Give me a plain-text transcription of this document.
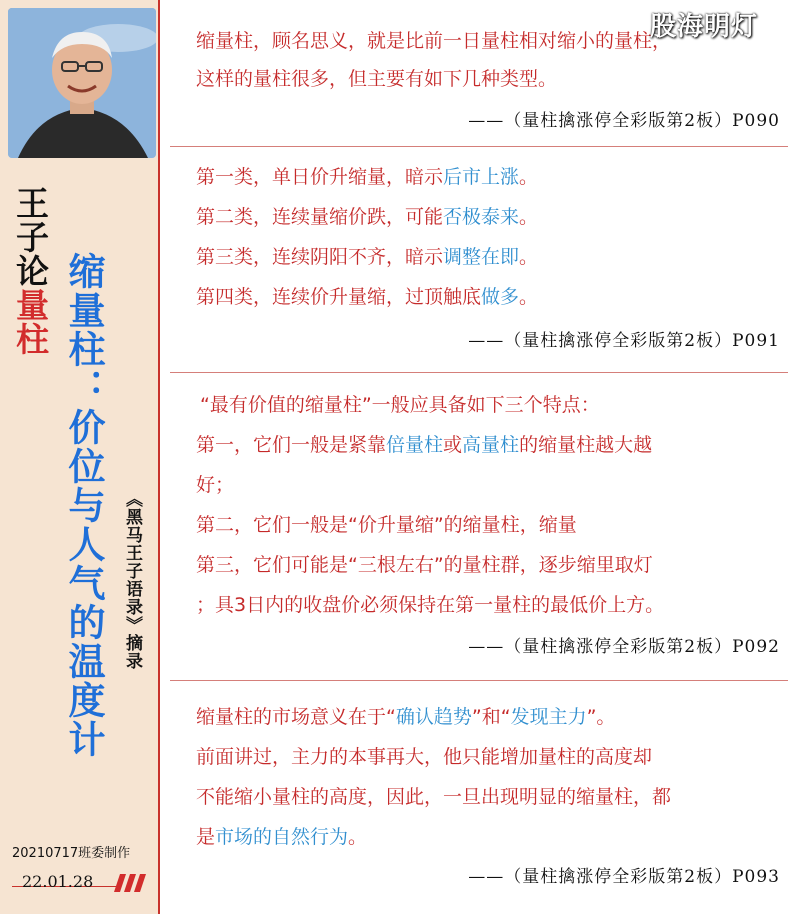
王子论量柱 缩量柱：价位与人气的温度计 《黑马王子语录》摘录
20210717班委制作
22.01.28

缩量柱，顾名思义，就是比前一日量柱相对缩小的量柱，

这样的量柱很多，但主要有如下几种类型。

——（量柱擒涨停全彩版第2板）P090

第一类，单日价升缩量，暗示后市上涨。

第二类，连续量缩价跌，可能否极泰来。

第三类，连续阴阳不齐，暗示调整在即。

第四类，连续价升量缩，过顶触底做多。

——（量柱擒涨停全彩版第2板）P091

“最有价值的缩量柱”一般应具备如下三个特点：

第一，它们一般是紧靠倍量柱或高量柱的缩量柱越大越

好；

第二，它们一般是“价升量缩”的缩量柱，缩量

第三，它们可能是“三根左右”的量柱群，逐步缩里取灯

；具3日内的收盘价必须保持在第一量柱的最低价上方。

——（量柱擒涨停全彩版第2板）P092

缩量柱的市场意义在于“确认趋势”和“发现主力”。

前面讲过，主力的本事再大，他只能增加量柱的高度却

不能缩小量柱的高度，因此，一旦出现明显的缩量柱，都

是市场的自然行为。

——（量柱擒涨停全彩版第2板）P093
股海明灯
